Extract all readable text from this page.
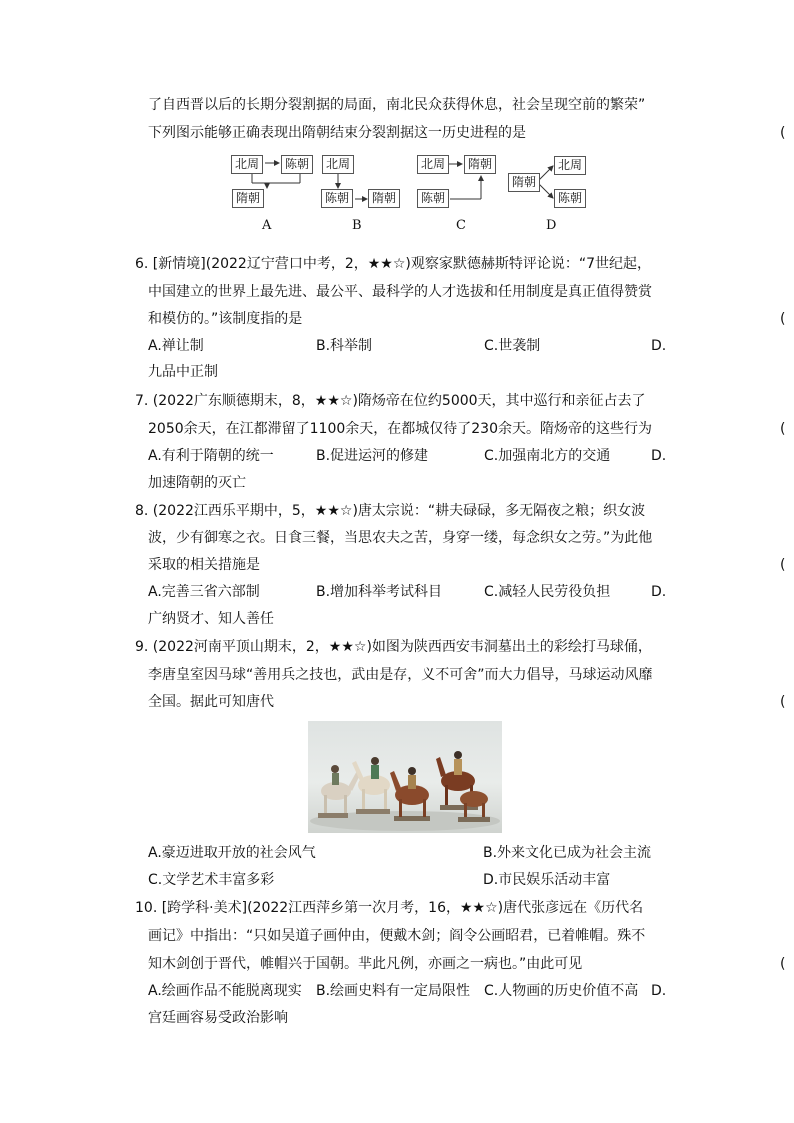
了自西晋以后的长期分裂割据的局面，南北民众获得休息，社会呈现空前的繁荣”
下列图示能够正确表现出隋朝结束分裂割据这一历史进程的是	(
北周	陈朝
隋朝
A
北周
陈朝	隋朝
B
北周	隋朝
陈朝
C
隋朝
北周
陈朝
D
6. [新情境](2022辽宁营口中考，2，★★☆)观察家默德赫斯特评论说：“7世纪起，
中国建立的世界上最先进、最公平、最科学的人才选拔和任用制度是真正值得赞赏
和模仿的。”该制度指的是	(
A.禅让制	B.科举制	C.世袭制	D.
九品中正制
7. (2022广东顺德期末，8，★★☆)隋炀帝在位约5000天，其中巡行和亲征占去了
2050余天，在江都滞留了1100余天，在都城仅待了230余天。隋炀帝的这些行为	(
A.有利于隋朝的统一	B.促进运河的修建	C.加强南北方的交通	D.
加速隋朝的灭亡
8. (2022江西乐平期中，5，★★☆)唐太宗说：“耕夫碌碌，多无隔夜之粮；织女波
波，少有御寒之衣。日食三餐，当思农夫之苦，身穿一缕，每念织女之劳。”为此他
采取的相关措施是	(
A.完善三省六部制	B.增加科举考试科目	C.减轻人民劳役负担	D.
广纳贤才、知人善任
9. (2022河南平顶山期末，2，★★☆)如图为陕西西安韦洞墓出土的彩绘打马球俑，
李唐皇室因马球“善用兵之技也，武由是存，义不可舍”而大力倡导，马球运动风靡
全国。据此可知唐代	(
A.豪迈进取开放的社会风气	B.外来文化已成为社会主流
C.文学艺术丰富多彩	D.市民娱乐活动丰富
10. [跨学科·美术](2022江西萍乡第一次月考，16，★★☆)唐代张彦远在《历代名
画记》中指出：“只如吴道子画仲由，便戴木剑；阎令公画昭君，已着帷帽。殊不
知木剑创于晋代，帷帽兴于国朝。芈此凡例，亦画之一病也。”由此可见	(
A.绘画作品不能脱离现实 B.绘画史料有一定局限性 C.人物画的历史价值不高 D.
宫廷画容易受政治影响
